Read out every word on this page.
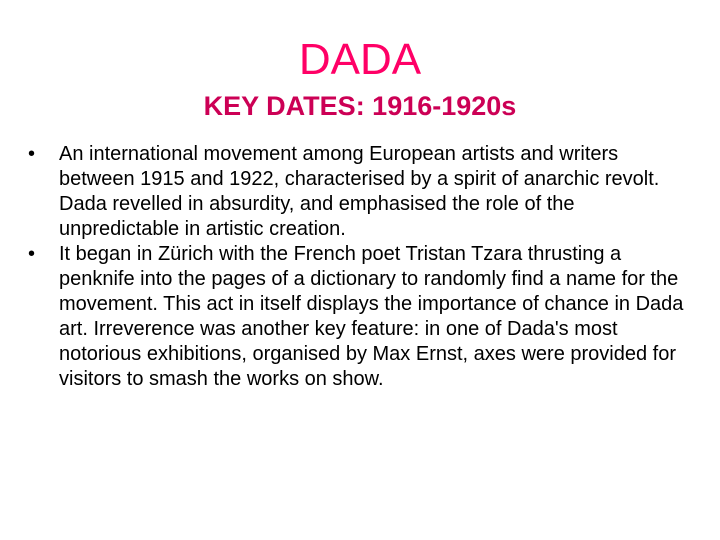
DADA
KEY DATES: 1916-1920s
•	An international movement among European artists and writers between 1915 and 1922, characterised by a spirit of anarchic revolt. Dada revelled in absurdity, and emphasised the role of the unpredictable in artistic creation.
•	It began in Zürich with the French poet Tristan Tzara thrusting a penknife into the pages of a dictionary to randomly find a name for the movement. This act in itself displays the importance of chance in Dada art. Irreverence was another key feature: in one of Dada's most notorious exhibitions, organised by Max Ernst, axes were provided for visitors to smash the works on show.
